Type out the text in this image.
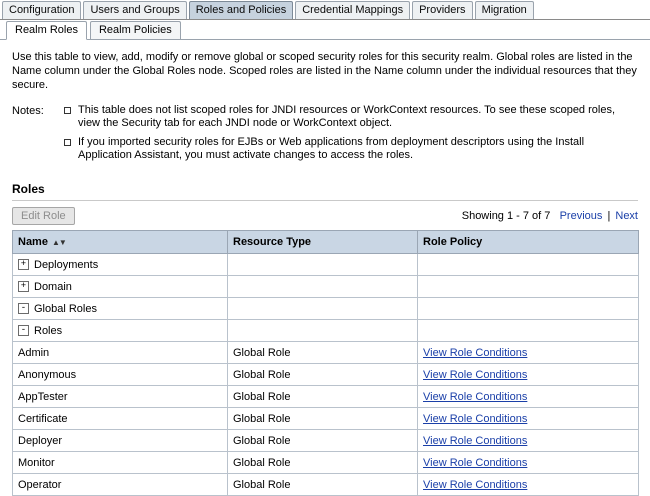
Configuration	Users and Groups	Roles and Policies	Credential Mappings	Providers	Migration
Realm Roles	Realm Policies
Use this table to view, add, modify or remove global or scoped security roles for this security realm. Global roles are listed in the Name column under the Global Roles node. Scoped roles are listed in the Name column under the individual resources that they secure.
Notes:	This table does not list scoped roles for JNDI resources or WorkContext resources. To see these scoped roles, view the Security tab for each JNDI node or WorkContext object.
If you imported security roles for EJBs or Web applications from deployment descriptors using the Install Application Assistant, you must activate changes to access the roles.
Roles
Edit Role	Showing 1 - 7 of 7 Previous | Next
Name ▲▼	Resource Type	Role Policy
+ Deployments		
+ Domain		
- Global Roles		
- Roles		
Admin	Global Role	View Role Conditions
Anonymous	Global Role	View Role Conditions
AppTester	Global Role	View Role Conditions
Certificate	Global Role	View Role Conditions
Deployer	Global Role	View Role Conditions
Monitor	Global Role	View Role Conditions
Operator	Global Role	View Role Conditions
